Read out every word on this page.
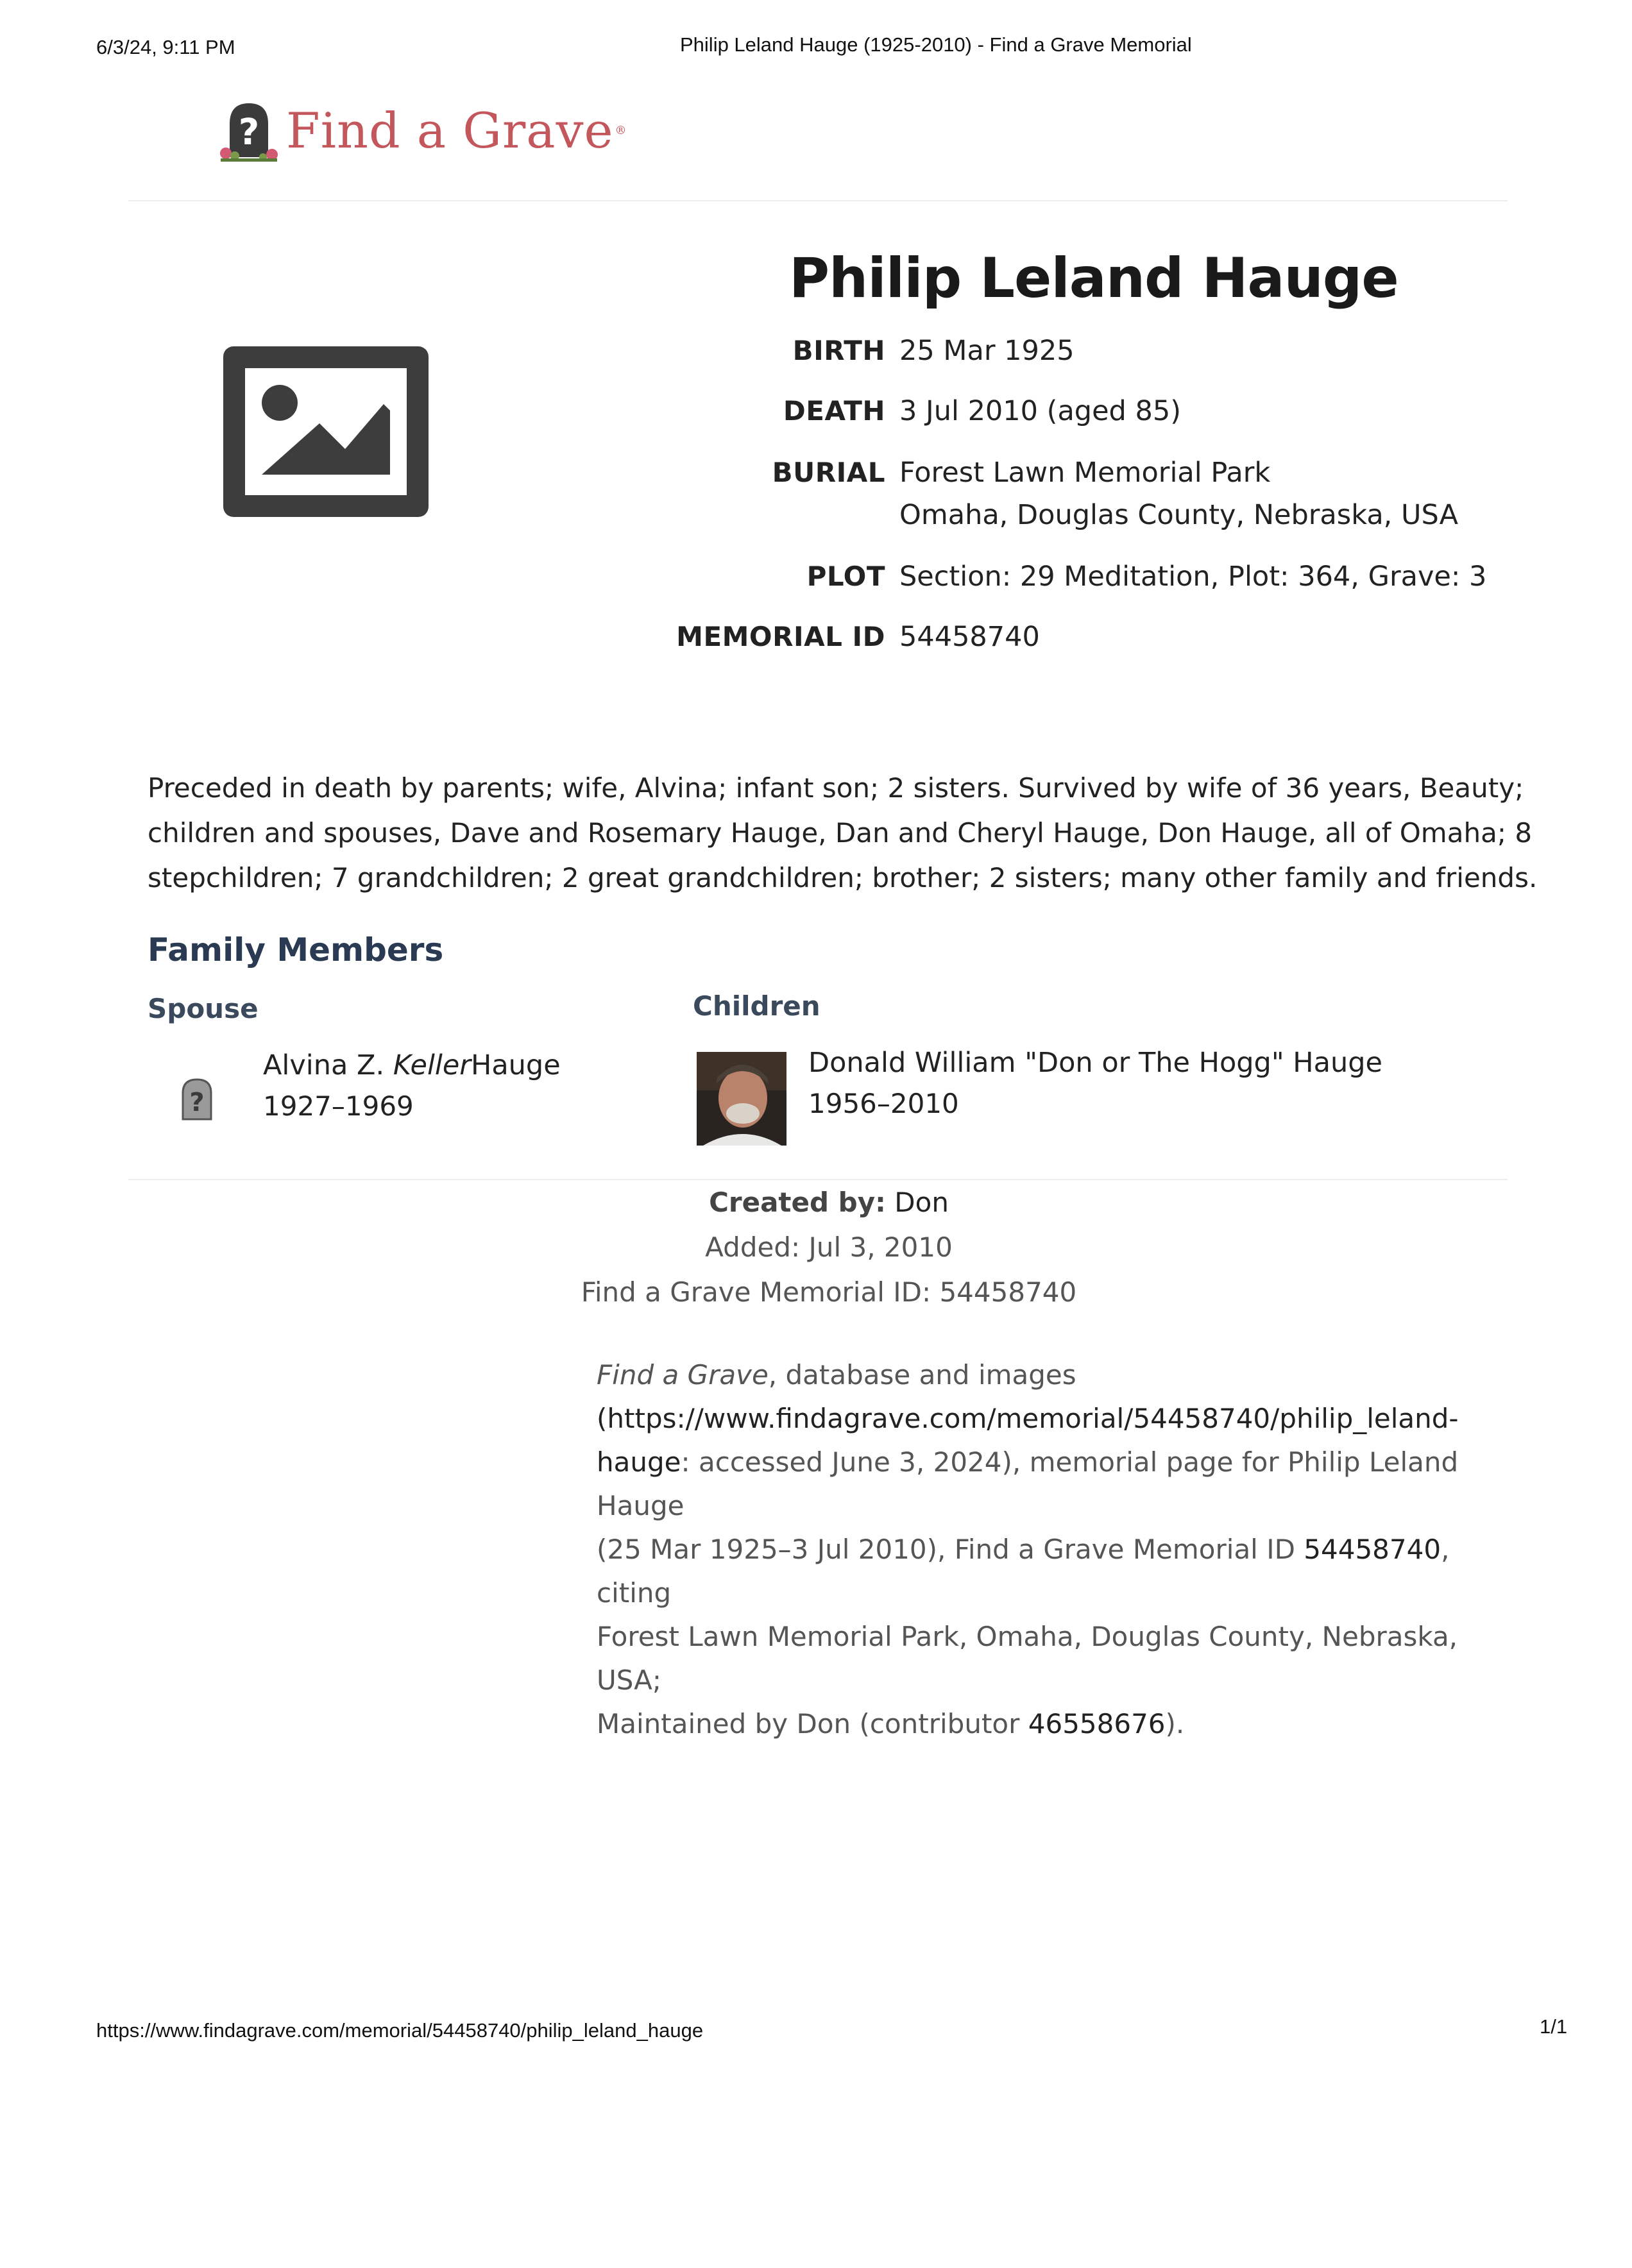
6/3/24, 9:11 PM	Philip Leland Hauge (1925-2010) - Find a Grave Memorial
? Find a Grave ®
Philip Leland Hauge
BIRTH 25 Mar 1925
DEATH 3 Jul 2010 (aged 85)
BURIAL Forest Lawn Memorial Park
Omaha, Douglas County, Nebraska, USA
PLOT Section: 29 Meditation, Plot: 364, Grave: 3
MEMORIAL ID 54458740
Preceded in death by parents; wife, Alvina; infant son; 2 sisters. Survived by wife of 36 years, Beauty; children and spouses, Dave and Rosemary Hauge, Dan and Cheryl Hauge, Don Hauge, all of Omaha; 8 stepchildren; 7 grandchildren; 2 great grandchildren; brother; 2 sisters; many other family and friends.
Family Members
Spouse
?
Alvina Z. KellerHauge
1927–1969
Children
Donald William "Don or The Hogg" Hauge
1956–2010
Created by: Don
Added: Jul 3, 2010
Find a Grave Memorial ID: 54458740
Find a Grave, database and images
(https://www.findagrave.com/memorial/54458740/philip_leland-
hauge: accessed June 3, 2024), memorial page for Philip Leland Hauge
(25 Mar 1925–3 Jul 2010), Find a Grave Memorial ID 54458740, citing
Forest Lawn Memorial Park, Omaha, Douglas County, Nebraska, USA;
Maintained by Don (contributor 46558676).
https://www.findagrave.com/memorial/54458740/philip_leland_hauge	1/1
